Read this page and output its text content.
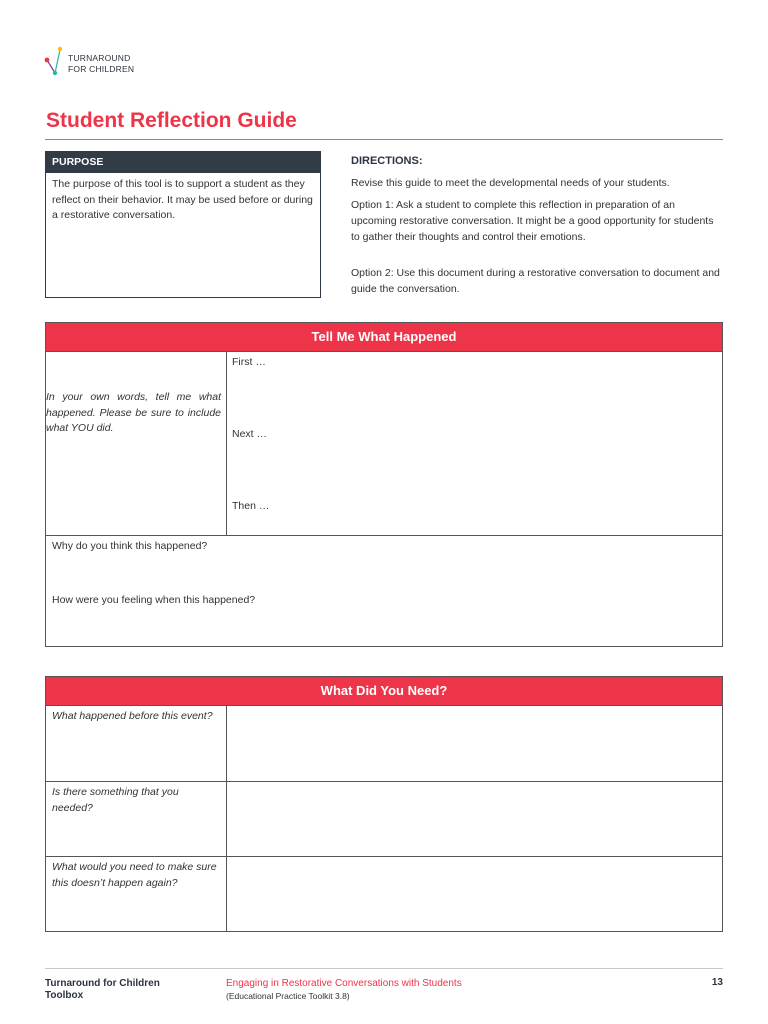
TURNAROUND
FOR CHILDREN
Student Reflection Guide
PURPOSE
The purpose of this tool is to support a student as they reflect on their behavior. It may be used before or during a restorative conversation.
DIRECTIONS:
Revise this guide to meet the developmental needs of your students.
Option 1: Ask a student to complete this reflection in preparation of an upcoming restorative conversation. It might be a good opportunity for students to gather their thoughts and control their emotions.
Option 2: Use this document during a restorative conversation to document and guide the conversation.
Tell Me What Happened
In your own words, tell me what happened. Please be sure to include what YOU did.
First …
Next …
Then …
Why do you think this happened?
How were you feeling when this happened?
What Did You Need?
What happened before this event?
Is there something that you needed?
What would you need to make sure this doesn’t happen again?
Turnaround for Children
Toolbox
Engaging in Restorative Conversations with Students
(Educational Practice Toolkit 3.8)
13
